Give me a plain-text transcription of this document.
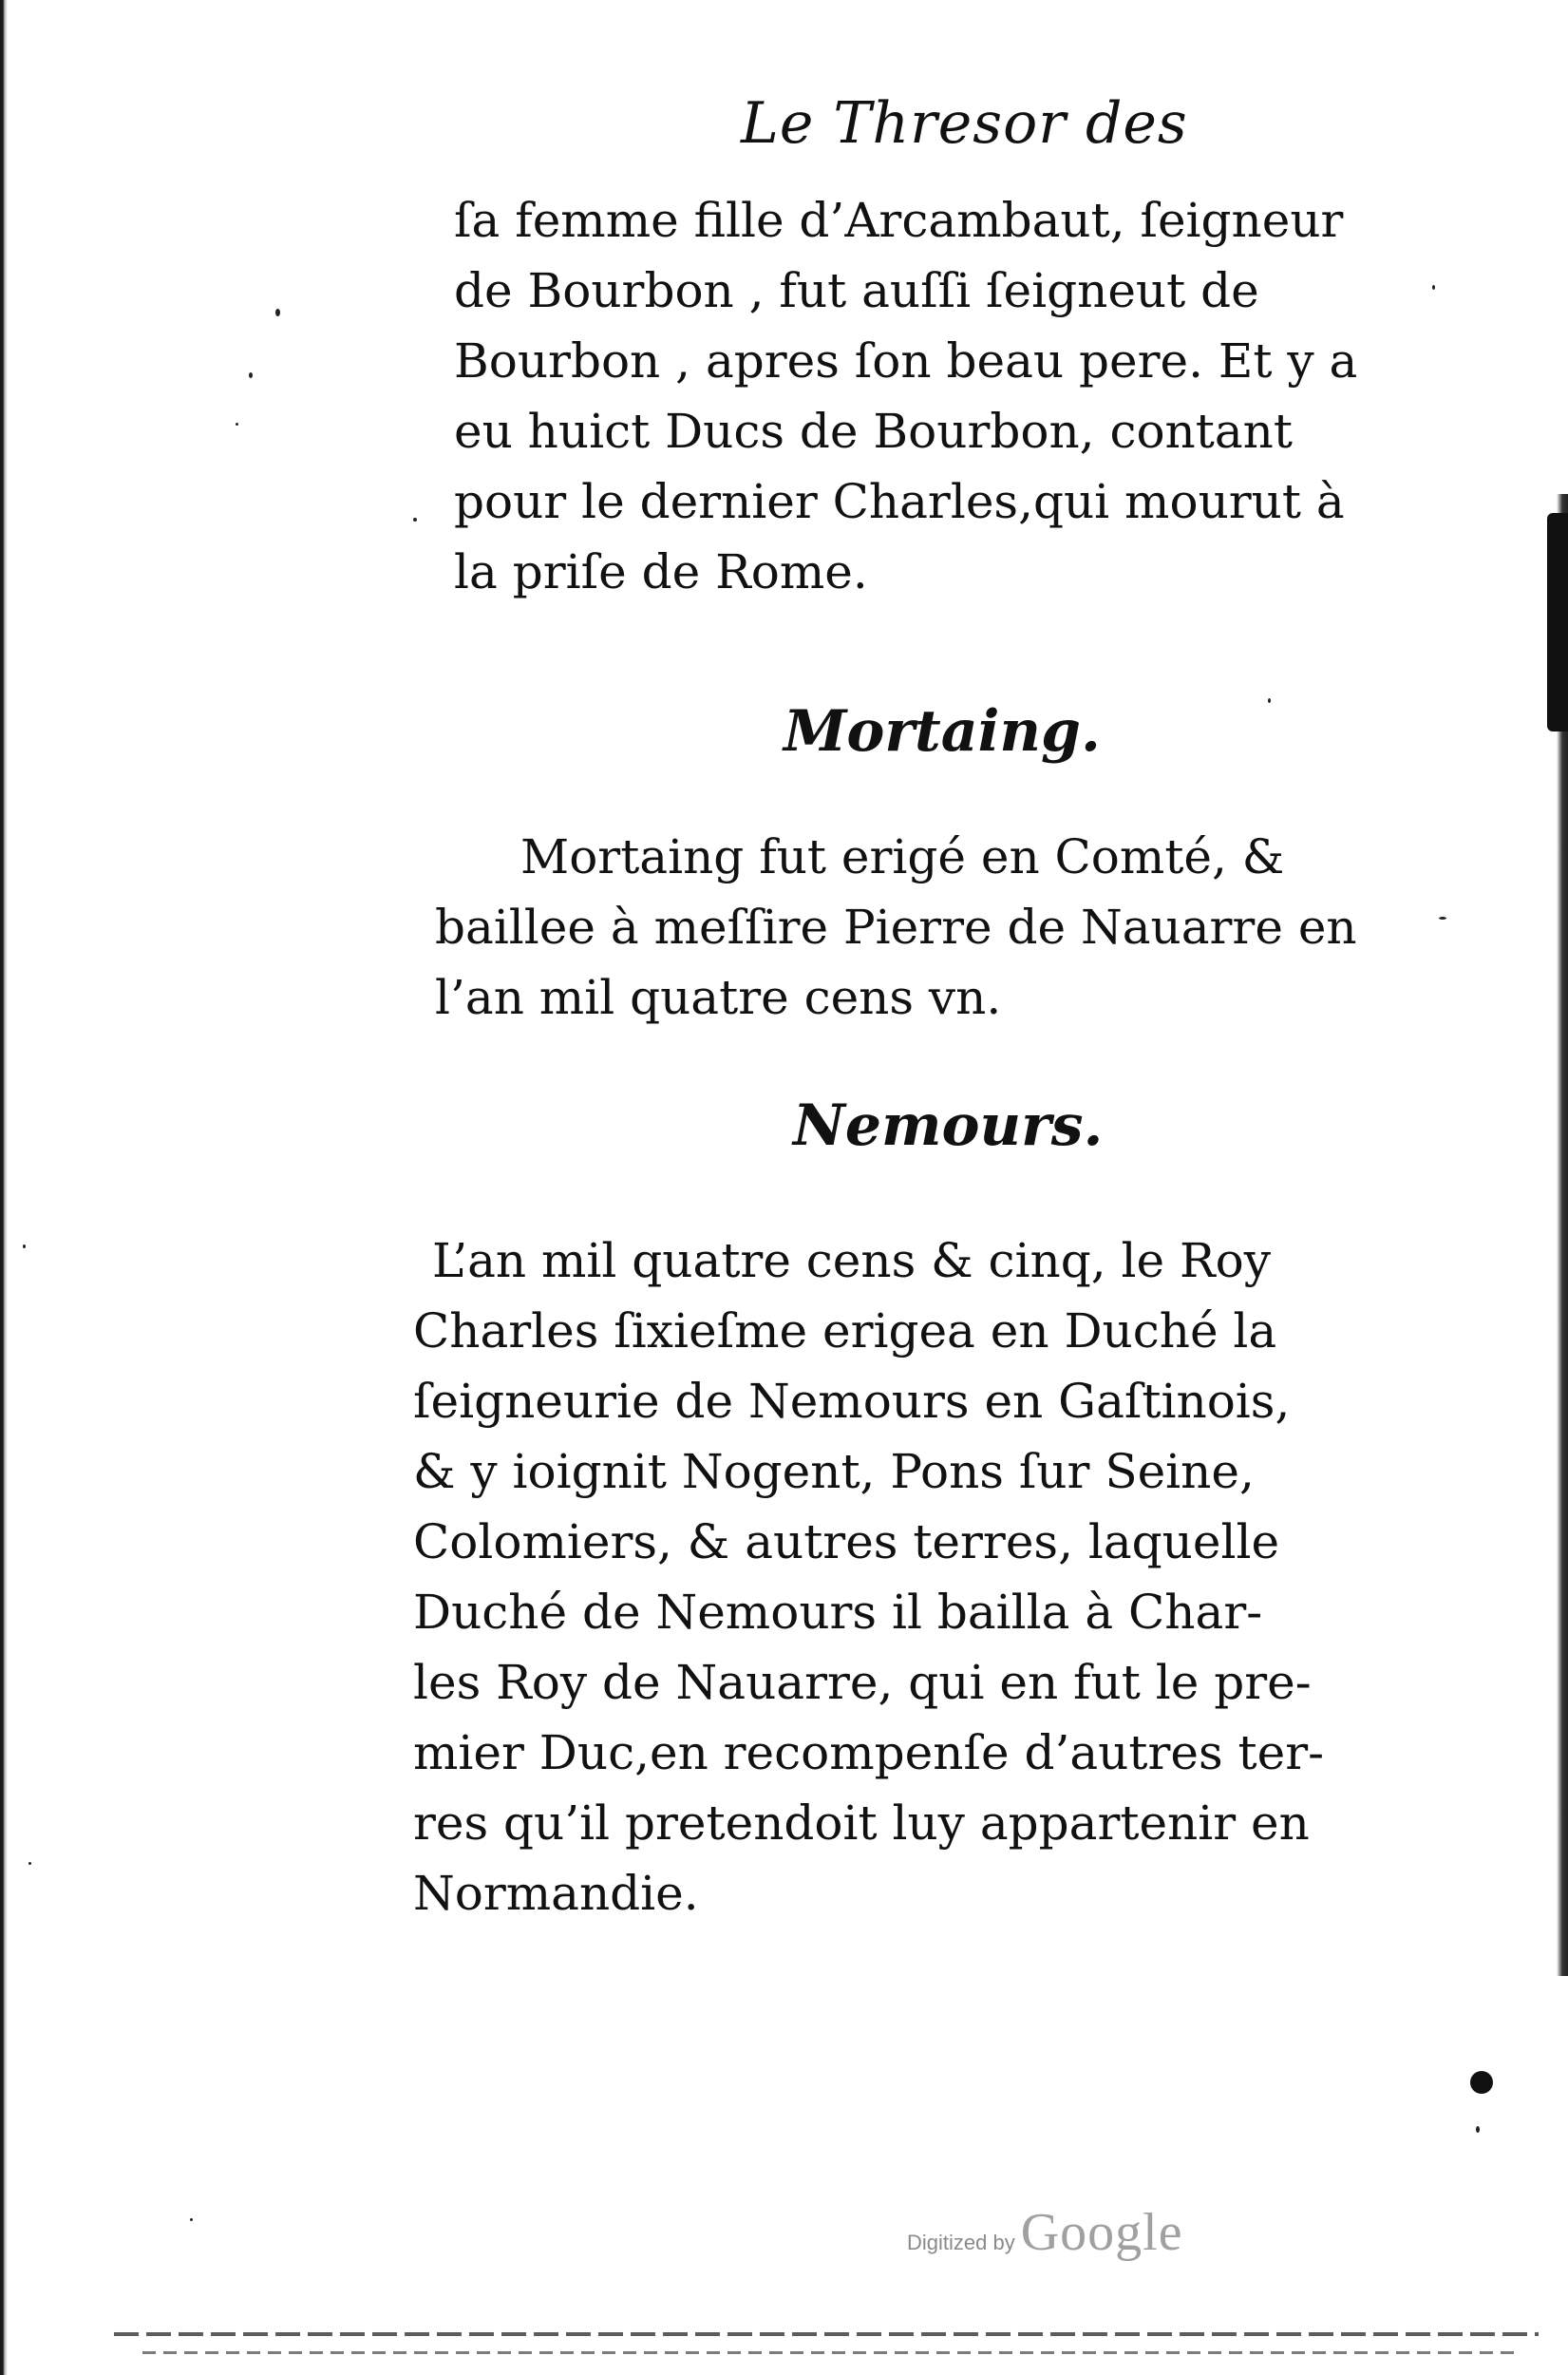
Le Thresor des
ſa femme fille d’Arcambaut, ſeigneur
de Bourbon , fut auſſi ſeigneut de
Bourbon , apres ſon beau pere. Et y a
eu huict Ducs de Bourbon, contant
pour le dernier Charles,qui mourut à
la priſe de Rome.
Mortaing.
Mortaing fut erigé en Comté, &
baillee à meſſire Pierre de Nauarre en
l’an mil quatre cens vn.
Nemours.
L’an mil quatre cens & cinq, le Roy
Charles ſixieſme erigea en Duché la
ſeigneurie de Nemours en Gaſtinois,
& y ioignit Nogent, Pons ſur Seine,
Colomiers, & autres terres, laquelle
Duché de Nemours il bailla à Char-
les Roy de Nauarre, qui en fut le pre-
mier Duc,en recompenſe d’autres ter-
res qu’il pretendoit luy appartenir en
Normandie.
Digitized by Google
